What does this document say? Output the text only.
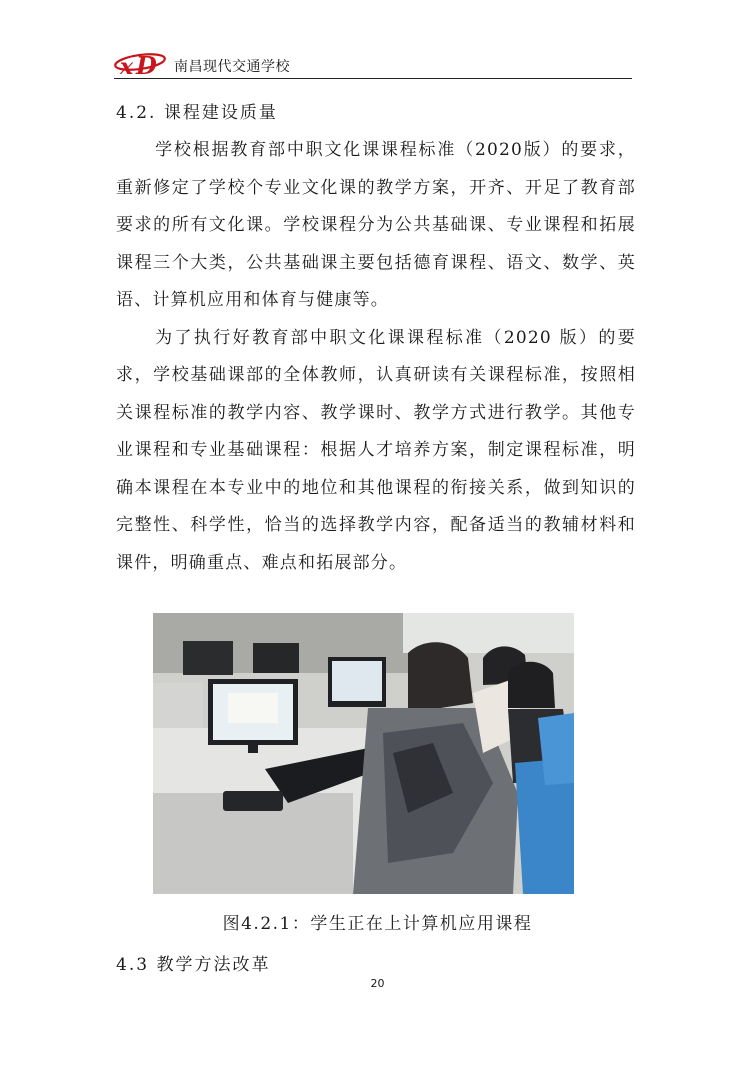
x D 南昌现代交通学校
4.2. 课程建设质量

学校根据教育部中职文化课课程标准（2020版）的要求，重新修定了学校个专业文化课的教学方案，开齐、开足了教育部要求的所有文化课。学校课程分为公共基础课、专业课程和拓展课程三个大类，公共基础课主要包括德育课程、语文、数学、英语、计算机应用和体育与健康等。

为了执行好教育部中职文化课课程标准（2020 版）的要求，学校基础课部的全体教师，认真研读有关课程标准，按照相关课程标准的教学内容、教学课时、教学方式进行教学。其他专业课程和专业基础课程：根据人才培养方案，制定课程标准，明确本课程在本专业中的地位和其他课程的衔接关系，做到知识的完整性、科学性，恰当的选择教学内容，配备适当的教辅材料和课件，明确重点、难点和拓展部分。

图4.2.1：学生正在上计算机应用课程
4.3 教学方法改革
20
